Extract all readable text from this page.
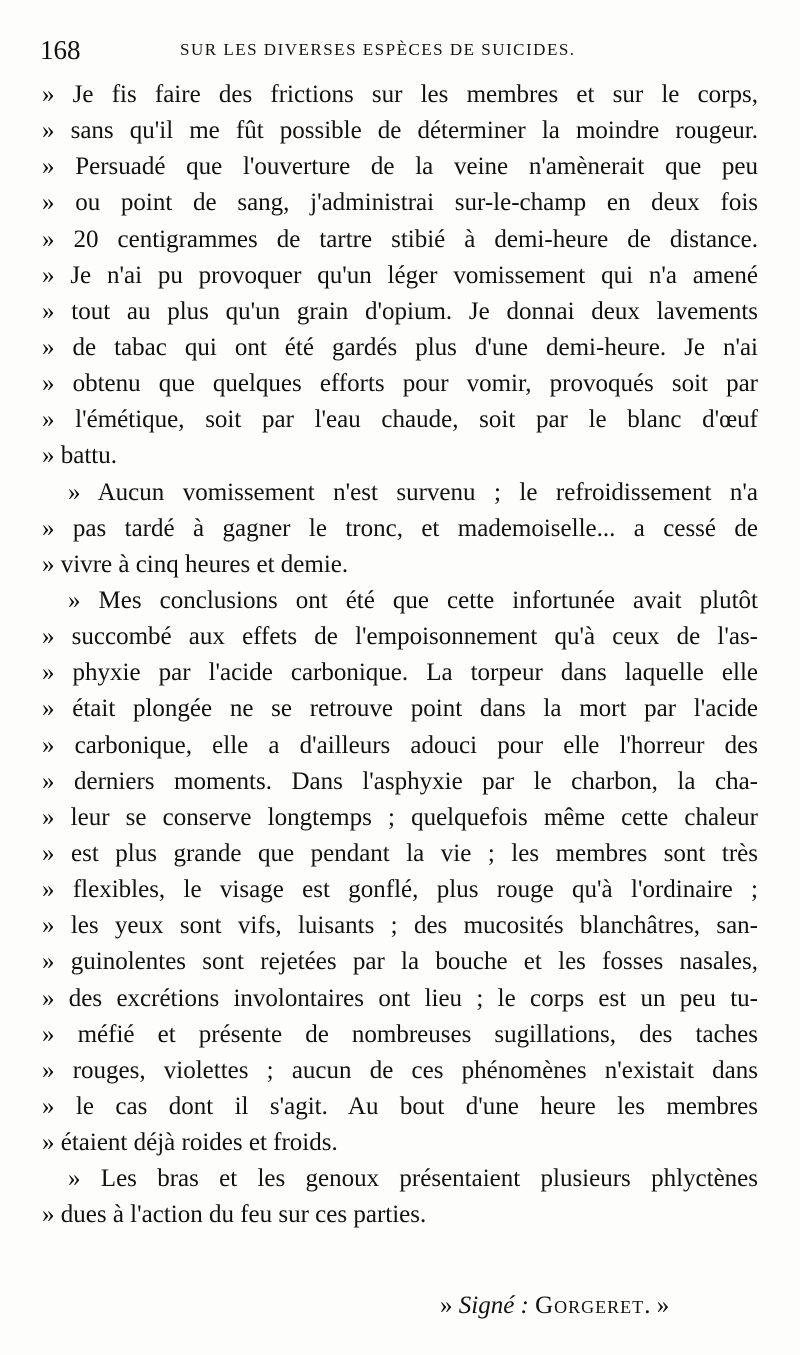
168	SUR LES DIVERSES ESPÈCES DE SUICIDES.
» Je fis faire des frictions sur les membres et sur le corps,
» sans qu'il me fût possible de déterminer la moindre rougeur.
» Persuadé que l'ouverture de la veine n'amènerait que peu
» ou point de sang, j'administrai sur-le-champ en deux fois
» 20 centigrammes de tartre stibié à demi-heure de distance.
» Je n'ai pu provoquer qu'un léger vomissement qui n'a amené
» tout au plus qu'un grain d'opium. Je donnai deux lavements
» de tabac qui ont été gardés plus d'une demi-heure. Je n'ai
» obtenu que quelques efforts pour vomir, provoqués soit par
» l'émétique, soit par l'eau chaude, soit par le blanc d'œuf
» battu.
» Aucun vomissement n'est survenu ; le refroidissement n'a
» pas tardé à gagner le tronc, et mademoiselle... a cessé de
» vivre à cinq heures et demie.
» Mes conclusions ont été que cette infortunée avait plutôt
» succombé aux effets de l'empoisonnement qu'à ceux de l'as-
» phyxie par l'acide carbonique. La torpeur dans laquelle elle
» était plongée ne se retrouve point dans la mort par l'acide
» carbonique, elle a d'ailleurs adouci pour elle l'horreur des
» derniers moments. Dans l'asphyxie par le charbon, la cha-
» leur se conserve longtemps ; quelquefois même cette chaleur
» est plus grande que pendant la vie ; les membres sont très
» flexibles, le visage est gonflé, plus rouge qu'à l'ordinaire ;
» les yeux sont vifs, luisants ; des mucosités blanchâtres, san-
» guinolentes sont rejetées par la bouche et les fosses nasales,
» des excrétions involontaires ont lieu ; le corps est un peu tu-
» méfié et présente de nombreuses sugillations, des taches
» rouges, violettes ; aucun de ces phénomènes n'existait dans
» le cas dont il s'agit. Au bout d'une heure les membres
» étaient déjà roides et froids.
» Les bras et les genoux présentaient plusieurs phlyctènes
» dues à l'action du feu sur ces parties.
» Signé : Gorgeret. »
